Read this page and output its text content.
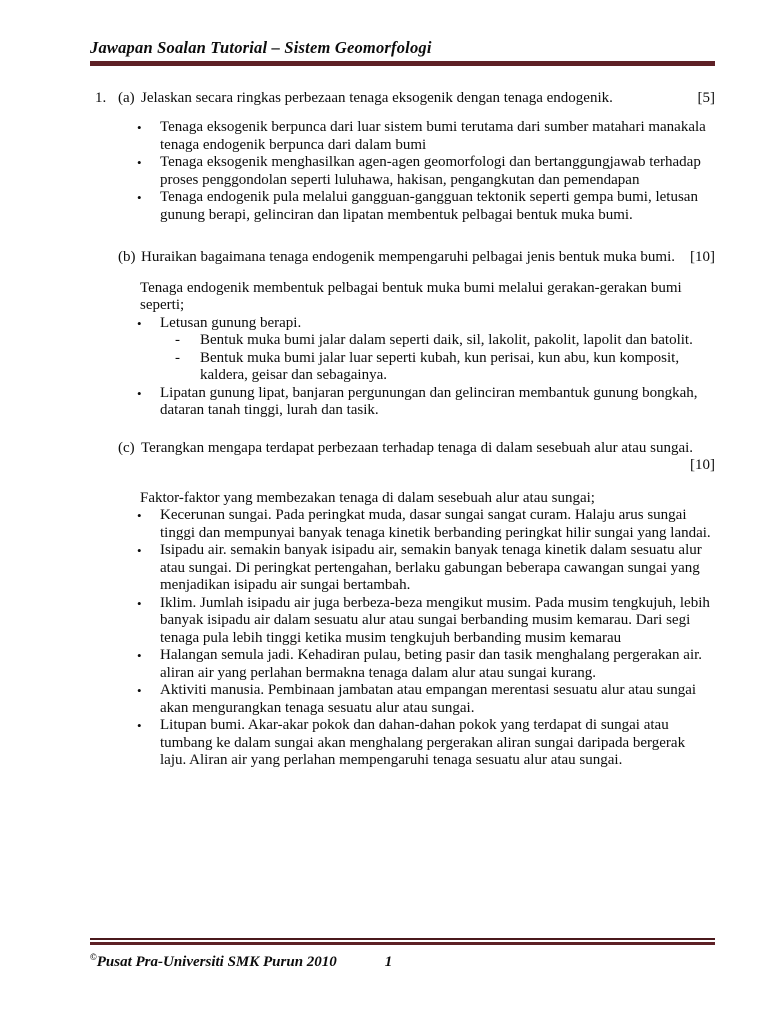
Jawapan Soalan Tutorial – Sistem Geomorfologi
1. (a) Jelaskan secara ringkas perbezaan tenaga eksogenik dengan tenaga endogenik.	[5]
• Tenaga eksogenik berpunca dari luar sistem bumi terutama dari sumber matahari manakala tenaga endogenik berpunca dari dalam bumi
• Tenaga eksogenik menghasilkan agen-agen geomorfologi dan bertanggungjawab terhadap proses penggondolan seperti luluhawa, hakisan, pengangkutan dan pemendapan
• Tenaga endogenik pula melalui gangguan-gangguan tektonik seperti gempa bumi, letusan gunung berapi, gelinciran dan lipatan membentuk pelbagai bentuk muka bumi.
(b) Huraikan bagaimana tenaga endogenik mempengaruhi pelbagai jenis bentuk muka bumi.	[10]
Tenaga endogenik membentuk pelbagai bentuk muka bumi melalui gerakan-gerakan bumi seperti;
• Letusan gunung berapi.
- Bentuk muka bumi jalar dalam seperti daik, sil, lakolit, pakolit, lapolit dan batolit.
- Bentuk muka bumi jalar luar seperti kubah, kun perisai, kun abu, kun komposit, kaldera, geisar dan sebagainya.
• Lipatan gunung lipat, banjaran pergunungan dan gelinciran membantuk gunung bongkah, dataran tanah tinggi, lurah dan tasik.
(c) Terangkan mengapa terdapat perbezaan terhadap tenaga di dalam sesebuah alur atau sungai.
[10]
Faktor-faktor yang membezakan tenaga di dalam sesebuah alur atau sungai;
• Kecerunan sungai. Pada peringkat muda, dasar sungai sangat curam. Halaju arus sungai tinggi dan mempunyai banyak tenaga kinetik berbanding peringkat hilir sungai yang landai.
• Isipadu air. semakin banyak isipadu air, semakin banyak tenaga kinetik dalam sesuatu alur atau sungai. Di peringkat pertengahan, berlaku gabungan beberapa cawangan sungai yang menjadikan isipadu air sungai bertambah.
• Iklim. Jumlah isipadu air juga berbeza-beza mengikut musim. Pada musim tengkujuh, lebih banyak isipadu air dalam sesuatu alur atau sungai berbanding musim kemarau. Dari segi tenaga pula lebih tinggi ketika musim tengkujuh berbanding musim kemarau
• Halangan semula jadi. Kehadiran pulau, beting pasir dan tasik menghalang pergerakan air. aliran air yang perlahan bermakna tenaga dalam alur atau sungai kurang.
• Aktiviti manusia. Pembinaan jambatan atau empangan merentasi sesuatu alur atau sungai akan mengurangkan tenaga sesuatu alur atau sungai.
• Litupan bumi. Akar-akar pokok dan dahan-dahan pokok yang terdapat di sungai atau tumbang ke dalam sungai akan menghalang pergerakan aliran sungai daripada bergerak laju. Aliran air yang perlahan mempengaruhi tenaga sesuatu alur atau sungai.
©Pusat Pra-Universiti SMK Purun 2010	1
